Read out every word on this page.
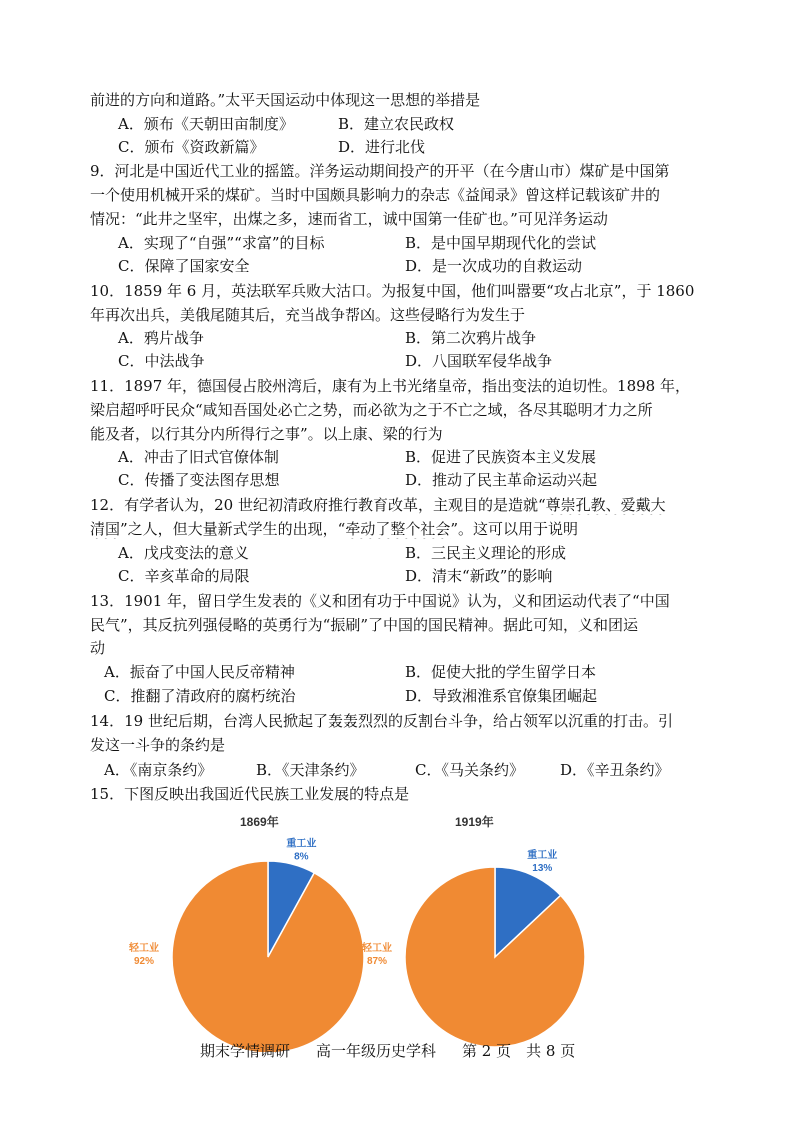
前进的方向和道路。”太平天国运动中体现这一思想的举措是
A．颁布《天朝田亩制度》	B．建立农民政权
C．颁布《资政新篇》	D．进行北伐
9．河北是中国近代工业的摇篮。洋务运动期间投产的开平（在今唐山市）煤矿是中国第
一个使用机械开采的煤矿。当时中国颇具影响力的杂志《益闻录》曾这样记载该矿井的
情况：“此井之坚牢，出煤之多，速而省工，诚中国第一佳矿也。”可见洋务运动
A．实现了“自强”“求富”的目标	B．是中国早期现代化的尝试
C．保障了国家安全	D．是一次成功的自救运动
10．1859 年 6 月，英法联军兵败大沽口。为报复中国，他们叫嚣要“攻占北京”，于 1860
年再次出兵，美俄尾随其后，充当战争帮凶。这些侵略行为发生于
A．鸦片战争	B．第二次鸦片战争
C．中法战争	D．八国联军侵华战争
11．1897 年，德国侵占胶州湾后，康有为上书光绪皇帝，指出变法的迫切性。1898 年，
梁启超呼吁民众“咸知吾国处必亡之势，而必欲为之于不亡之域，各尽其聪明才力之所
能及者，以行其分内所得行之事”。以上康、梁的行为
A．冲击了旧式官僚体制	B．促进了民族资本主义发展
C．传播了变法图存思想	D．推动了民主革命运动兴起
12．有学者认为，20 世纪初清政府推行教育改革，主观目的是造就“尊崇孔教、爱戴大
清国”之人，但大量新式学生的出现，“牵动了整个社会”。这可以用于说明
A．戊戌变法的意义	B．三民主义理论的形成
C．辛亥革命的局限	D．清末“新政”的影响
13．1901 年，留日学生发表的《义和团有功于中国说》认为，义和团运动代表了“中国
民气”，其反抗列强侵略的英勇行为“振刷”了中国的国民精神。据此可知，义和团运
动
A．振奋了中国人民反帝精神	B．促使大批的学生留学日本
C．推翻了清政府的腐朽统治	D．导致湘淮系官僚集团崛起
14．19 世纪后期，台湾人民掀起了轰轰烈烈的反割台斗争，给占领军以沉重的打击。引
发这一斗争的条约是
A．《南京条约》	B．《天津条约》	C．《马关条约》 D．《辛丑条约》
15．下图反映出我国近代民族工业发展的特点是
1869年
重工业 8%
轻工业 92%
1919年
重工业 13%
轻工业 87%
期末学情调研 高一年级历史学科 第 2 页　共 8 页
